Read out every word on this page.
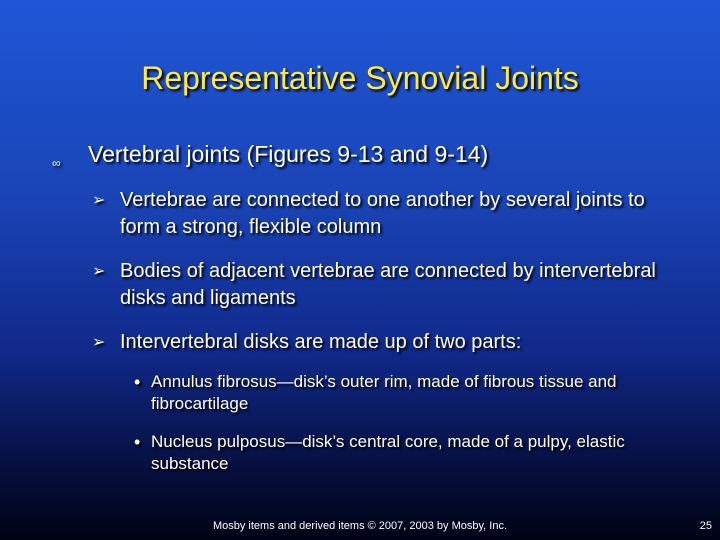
Representative Synovial Joints
∞ Vertebral joints (Figures 9-13 and 9-14)
➢ Vertebrae are connected to one another by several joints to form a strong, flexible column
➢ Bodies of adjacent vertebrae are connected by intervertebral disks and ligaments
➢ Intervertebral disks are made up of two parts:
• Annulus fibrosus—disk’s outer rim, made of fibrous tissue and fibrocartilage
• Nucleus pulposus—disk’s central core, made of a pulpy, elastic substance
Mosby items and derived items © 2007, 2003 by Mosby, Inc.	25
